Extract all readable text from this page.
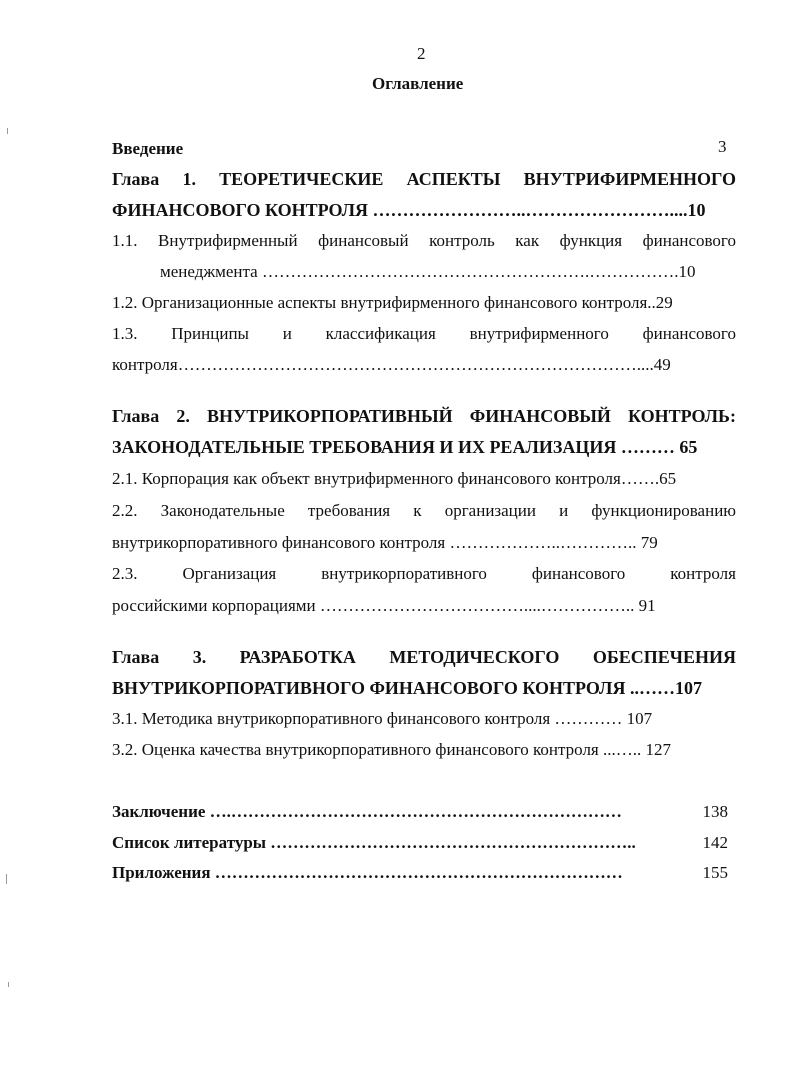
2
Оглавление
Введение	3
Глава 1. ТЕОРЕТИЧЕСКИЕ АСПЕКТЫ ВНУТРИФИРМЕННОГО
ФИНАНСОВОГО КОНТРОЛЯ ……………………..……………………....10
1.1. Внутрифирменный финансовый контроль как функция финансового
менеджмента ………………………………………………….…………….10
1.2. Организационные аспекты внутрифирменного финансового контроля..29
1.3. Принципы и классификация внутрифирменного финансового
контроля………………………………………………………………………....49
Глава 2. ВНУТРИКОРПОРАТИВНЫЙ ФИНАНСОВЫЙ КОНТРОЛЬ:
ЗАКОНОДАТЕЛЬНЫЕ ТРЕБОВАНИЯ И ИХ РЕАЛИЗАЦИЯ ……… 65
2.1. Корпорация как объект внутрифирменного финансового контроля…….65
2.2. Законодательные требования к организации и функционированию
внутрикорпоративного финансового контроля ………………..………….. 79
2.3.	Организация	внутрикорпоративного	финансового	контроля
российскими корпорациями ………………………………....…………….. 91
Глава 3. РАЗРАБОТКА МЕТОДИЧЕСКОГО ОБЕСПЕЧЕНИЯ
ВНУТРИКОРПОРАТИВНОГО ФИНАНСОВОГО КОНТРОЛЯ ..……107
3.1. Методика внутрикорпоративного финансового контроля ………… 107
3.2. Оценка качества внутрикорпоративного финансового контроля ...….. 127
Заключение ….……………………………………………………………	138
Список литературы ………………………………………………………..	142
Приложения ………………………………………………………………	155
